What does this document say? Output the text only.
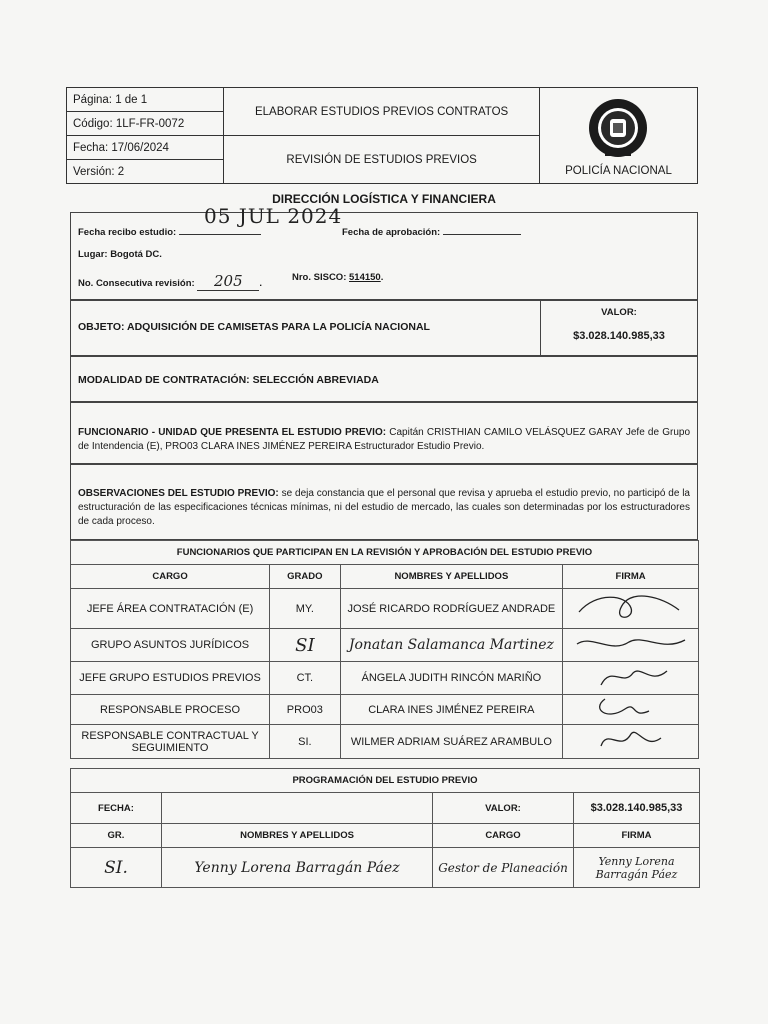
Página: 1 de 1	ELABORAR ESTUDIOS PREVIOS CONTRATOS	POLICÍA NACIONAL
Código: 1LF-FR-0072		
Fecha: 17/06/2024	REVISIÓN DE ESTUDIOS PREVIOS	
Versión: 2		
DIRECCIÓN LOGÍSTICA Y FINANCIERA
05 JUL 2024
Fecha recibo estudio:	Fecha de aprobación:
Lugar: Bogotá DC.
No. Consecutiva revisión: 205 .
Nro. SISCO: 514150.
OBJETO: ADQUISICIÓN DE CAMISETAS PARA LA POLICÍA NACIONAL
VALOR:
$3.028.140.985,33
MODALIDAD DE CONTRATACIÓN: SELECCIÓN ABREVIADA
FUNCIONARIO - UNIDAD QUE PRESENTA EL ESTUDIO PREVIO: Capitán CRISTHIAN CAMILO VELÁSQUEZ GARAY Jefe de Grupo de Intendencia (E), PRO03 CLARA INES JIMÉNEZ PEREIRA Estructurador Estudio Previo.
OBSERVACIONES DEL ESTUDIO PREVIO: se deja constancia que el personal que revisa y aprueba el estudio previo, no participó de la estructuración de las especificaciones técnicas mínimas, ni del estudio de mercado, las cuales son determinadas por los estructuradores de cada proceso.
FUNCIONARIOS QUE PARTICIPAN EN LA REVISIÓN Y APROBACIÓN DEL ESTUDIO PREVIO			
CARGO	GRADO	NOMBRES Y APELLIDOS	FIRMA
JEFE ÁREA CONTRATACIÓN (E)	MY.	JOSÉ RICARDO RODRÍGUEZ ANDRADE	
GRUPO ASUNTOS JURÍDICOS	SI	Jonatan Salamanca Martinez	
JEFE GRUPO ESTUDIOS PREVIOS	CT.	ÁNGELA JUDITH RINCÓN MARIÑO	
RESPONSABLE PROCESO	PRO03	CLARA INES JIMÉNEZ PEREIRA	
RESPONSABLE CONTRACTUAL Y SEGUIMIENTO	SI.	WILMER ADRIAM SUÁREZ ARAMBULO	
PROGRAMACIÓN DEL ESTUDIO PREVIO			
FECHA:		VALOR:	$3.028.140.985,33
GR.	NOMBRES Y APELLIDOS	CARGO	FIRMA
SI.	Yenny Lorena Barragán Páez	Gestor de Planeación	Yenny Lorena Barragán Páez
